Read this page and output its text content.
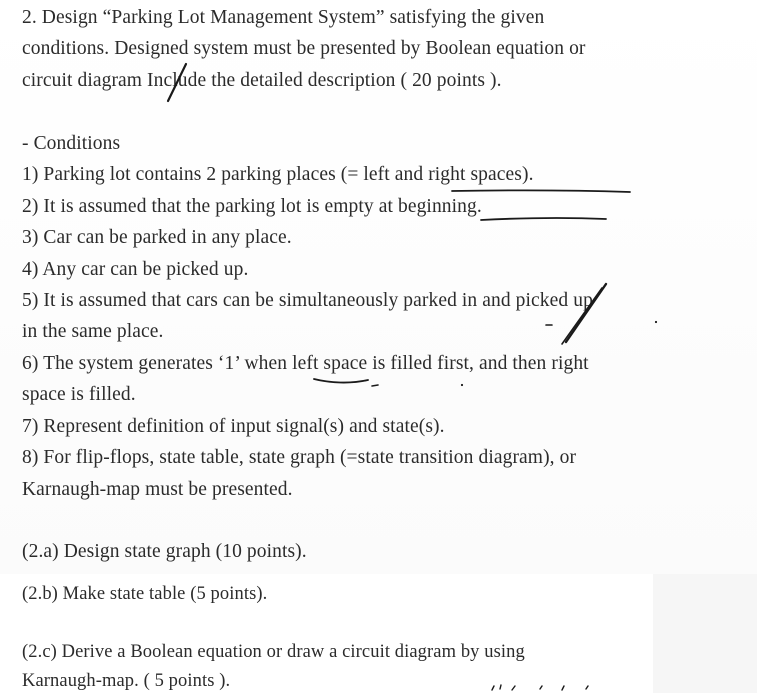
2. Design “Parking Lot Management System” satisfying the given
conditions. Designed system must be presented by Boolean equation or
circuit diagram Include the detailed description ( 20 points ).
- Conditions
1) Parking lot contains 2 parking places (= left and right spaces).
2) It is assumed that the parking lot is empty at beginning.
3) Car can be parked in any place.
4) Any car can be picked up.
5) It is assumed that cars can be simultaneously parked in and picked up
in the same place.
6) The system generates ‘1’ when left space is filled first, and then right
space is filled.
7) Represent definition of input signal(s) and state(s).
8) For flip-flops, state table, state graph (=state transition diagram), or
Karnaugh-map must be presented.
(2.a) Design state graph (10 points).
(2.b) Make state table (5 points).
(2.c) Derive a Boolean equation or draw a circuit diagram by using
Karnaugh-map. ( 5 points ).
